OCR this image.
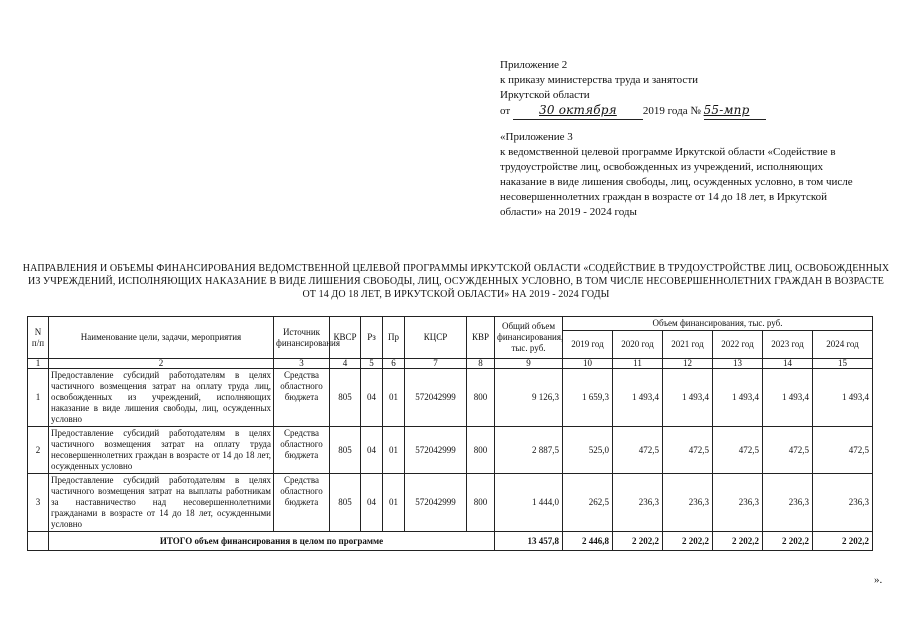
Приложение 2
к приказу министерства труда и занятости
Иркутской области
от 30 октября 2019 года № 55-мпр
«Приложение 3
к ведомственной целевой программе Иркутской области «Содействие в трудоустройстве лиц, освобожденных из учреждений, исполняющих наказание в виде лишения свободы, лиц, осужденных условно, в том числе несовершеннолетних граждан в возрасте от 14 до 18 лет, в Иркутской области» на 2019 - 2024 годы
НАПРАВЛЕНИЯ И ОБЪЕМЫ ФИНАНСИРОВАНИЯ ВЕДОМСТВЕННОЙ ЦЕЛЕВОЙ ПРОГРАММЫ ИРКУТСКОЙ ОБЛАСТИ «СОДЕЙСТВИЕ В ТРУДОУСТРОЙСТВЕ ЛИЦ, ОСВОБОЖДЕННЫХ ИЗ УЧРЕЖДЕНИЙ, ИСПОЛНЯЮЩИХ НАКАЗАНИЕ В ВИДЕ ЛИШЕНИЯ СВОБОДЫ, ЛИЦ, ОСУЖДЕННЫХ УСЛОВНО, В ТОМ ЧИСЛЕ НЕСОВЕРШЕННОЛЕТНИХ ГРАЖДАН В ВОЗРАСТЕ ОТ 14 ДО 18 ЛЕТ, В ИРКУТСКОЙ ОБЛАСТИ» НА 2019 - 2024 ГОДЫ
N п/п	Наименование цели, задачи, мероприятия	Источник финансирования	КВСР	Рз	Пр	КЦСР	КВР	Общий объем финансирования, тыс. руб.	Объем финансирования, тыс. руб.					
									2019 год	2020 год	2021 год	2022 год	2023 год	2024 год
1	2	3	4	5	6	7	8	9	10	11	12	13	14	15
1	Предоставление субсидий работодателям в целях частичного возмещения затрат на оплату труда лиц, освобожденных из учреждений, исполняющих наказание в виде лишения свободы, лиц, осужденных условно	Средства областного бюджета	805	04	01	572042999	800	9 126,3	1 659,3	1 493,4	1 493,4	1 493,4	1 493,4	1 493,4
2	Предоставление субсидий работодателям в целях частичного возмещения затрат на оплату труда несовершеннолетних граждан в возрасте от 14 до 18 лет, осужденных условно	Средства областного бюджета	805	04	01	572042999	800	2 887,5	525,0	472,5	472,5	472,5	472,5	472,5
3	Предоставление субсидий работодателям в целях частичного возмещения затрат на выплаты работникам за наставничество над несовершеннолетними гражданами в возрасте от 14 до 18 лет, осужденными условно	Средства областного бюджета	805	04	01	572042999	800	1 444,0	262,5	236,3	236,3	236,3	236,3	236,3
	ИТОГО объем финансирования в целом по программе							13 457,8	2 446,8	2 202,2	2 202,2	2 202,2	2 202,2	2 202,2
».
